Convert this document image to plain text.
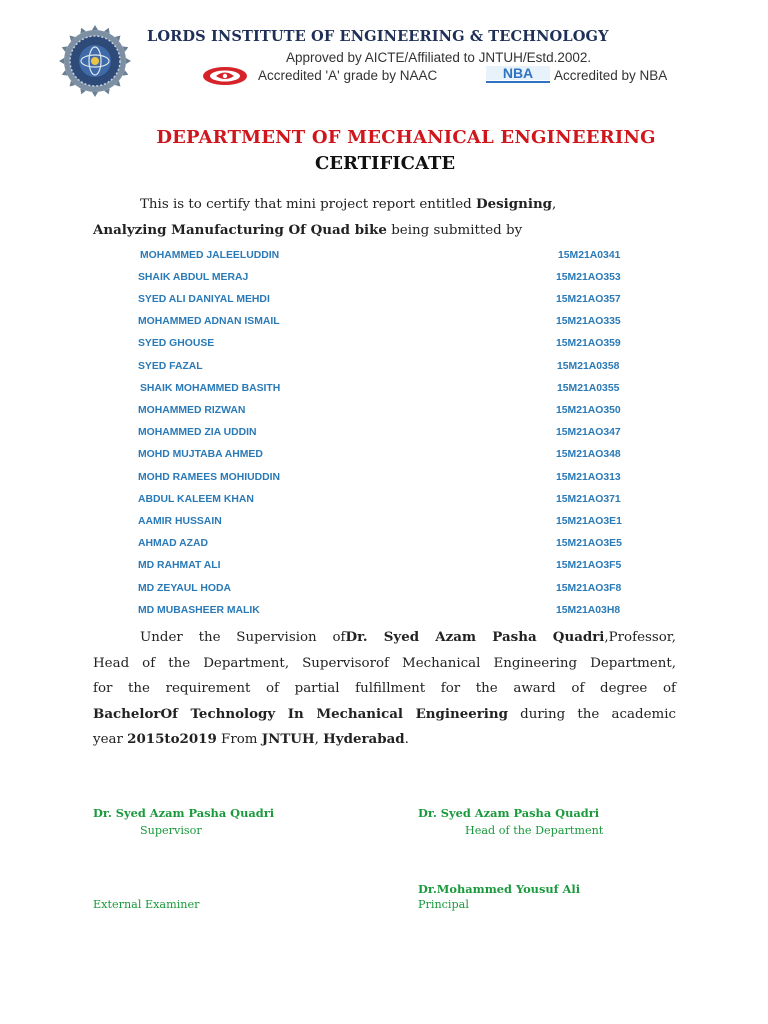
LORDS INSTITUTE OF ENGINEERING & TECHNOLOGY
Approved by AICTE/Affiliated to JNTUH/Estd.2002.
Accredited 'A' grade by NAAC	NBA Accredited by NBA
DEPARTMENT OF MECHANICAL ENGINEERING
CERTIFICATE
This is to certify that mini project report entitled Designing,
Analyzing Manufacturing Of Quad bike being submitted by
MOHAMMED JALEELUDDIN	15M21A0341
SHAIK ABDUL MERAJ	15M21AO353
SYED ALI DANIYAL MEHDI	15M21AO357
MOHAMMED ADNAN ISMAIL	15M21AO335
SYED GHOUSE	15M21AO359
SYED FAZAL	15M21A0358
SHAIK MOHAMMED BASITH	15M21A0355
MOHAMMED RIZWAN	15M21AO350
MOHAMMED ZIA UDDIN	15M21AO347
MOHD MUJTABA AHMED	15M21AO348
MOHD RAMEES MOHIUDDIN	15M21AO313
ABDUL KALEEM KHAN	15M21AO371
AAMIR HUSSAIN	15M21AO3E1
AHMAD AZAD	15M21AO3E5
MD RAHMAT ALI	15M21AO3F5
MD ZEYAUL HODA	15M21AO3F8
MD MUBASHEER MALIK	15M21A03H8
Under the Supervision ofDr. Syed Azam Pasha Quadri,Professor,
Head of the Department, Supervisorof Mechanical Engineering Department,
for the requirement of partial fulfillment for the award of degree of
BachelorOf Technology In Mechanical Engineering during the academic
year 2015to2019 From JNTUH, Hyderabad.
Dr. Syed Azam Pasha Quadri
Supervisor
Dr. Syed Azam Pasha Quadri
Head of the Department
External Examiner
Dr.Mohammed Yousuf Ali
Principal
